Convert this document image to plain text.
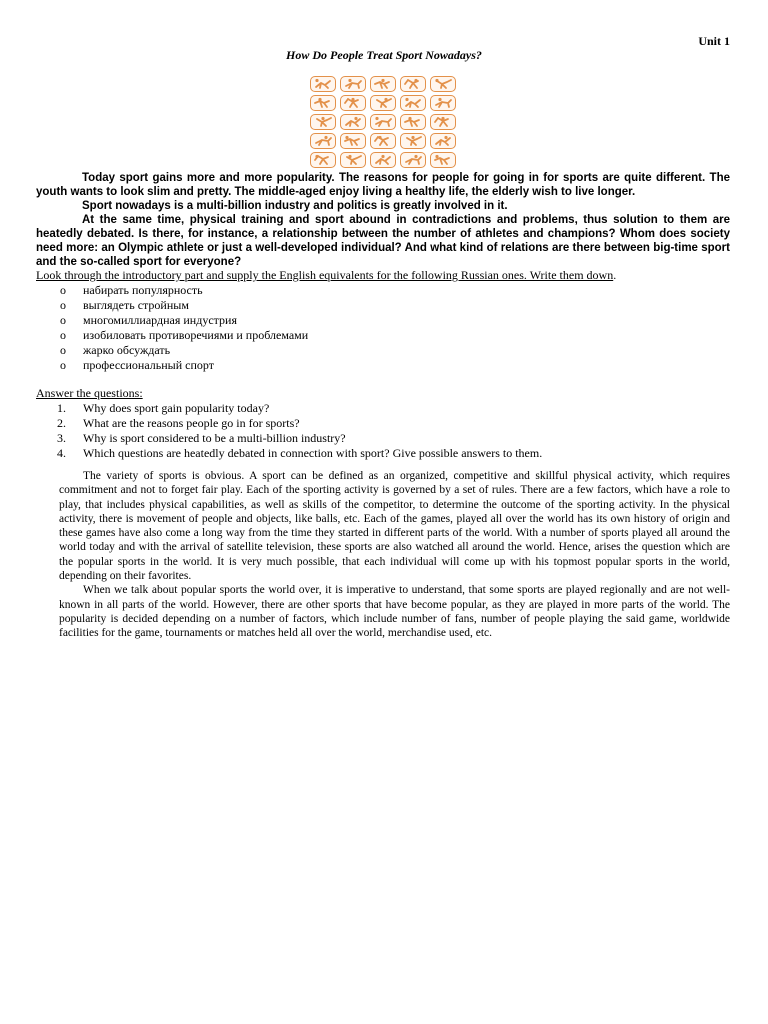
Unit 1
How Do People Treat Sport Nowadays?

Today sport gains more and more popularity. The reasons for people for going in for sports are quite different. The youth wants to look slim and pretty. The middle-aged enjoy living a healthy life, the elderly wish to live longer.

Sport nowadays is a multi-billion industry and politics is greatly involved in it.

At the same time, physical training and sport abound in contradictions and problems, thus solution to them are heatedly debated. Is there, for instance, a relationship between the number of athletes and champions? Whom does society need more: an Olympic athlete or just a well-developed individual? And what kind of relations are there between big-time sport and the so-called sport for everyone?

Look through the introductory part and supply the English equivalents for the following Russian ones. Write them down.
o набирать популярность
o выглядеть стройным
o многомиллиардная индустрия
o изобиловать противоречиями и проблемами
o жарко обсуждать
o профессиональный спорт
Answer the questions:
1. Why does sport gain popularity today?
2. What are the reasons people go in for sports?
3. Why is sport considered to be a multi-billion industry?
4. Which questions are heatedly debated in connection with sport? Give possible answers to them.

The variety of sports is obvious. A sport can be defined as an organized, competitive and skillful physical activity, which requires commitment and not to forget fair play. Each of the sporting activity is governed by a set of rules. There are a few factors, which have a role to play, that includes physical capabilities, as well as skills of the competitor, to determine the outcome of the sporting activity. In the physical activity, there is movement of people and objects, like balls, etc. Each of the games, played all over the world has its own history of origin and these games have also come a long way from the time they started in different parts of the world. With a number of sports played all around the world today and with the arrival of satellite television, these sports are also watched all around the world. Hence, arises the question which are the popular sports in the world. It is very much possible, that each individual will come up with his topmost popular sports in the world, depending on their favorites.

When we talk about popular sports the world over, it is imperative to understand, that some sports are played regionally and are not well-known in all parts of the world. However, there are other sports that have become popular, as they are played in more parts of the world. The popularity is decided depending on a number of factors, which include number of fans, number of people playing the said game, worldwide facilities for the game, tournaments or matches held all over the world, merchandise used, etc.
